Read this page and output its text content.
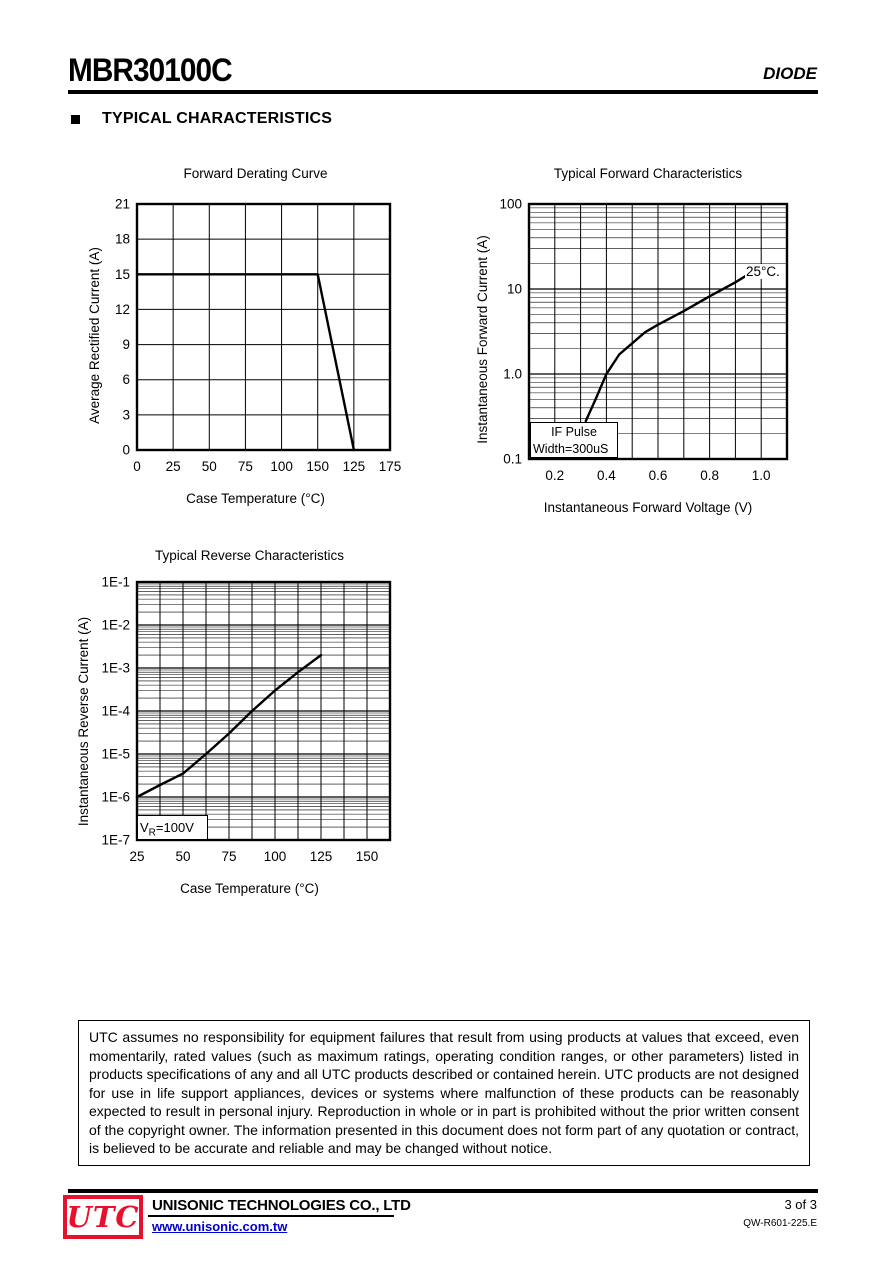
MBR30100C	DIODE
TYPICAL CHARACTERISTICS
Average Rectified Current (A)
Forward Derating Curve
0 25 50 75 100 150 125 175
21
18
15
12
9
6
3
0
Case Temperature (°C)
Instantaneous Forward Current (A)
Typical Forward Characteristics
0.2 0.4 0.6 0.8 1.0
100
10
1.0
0.1
25°C.
IF Pulse
Width=300uS
Instantaneous Forward Voltage (V)
Instantaneous Reverse Current (A)
Typical Reverse Characteristics
25 50 75 100 125 150
1E-1
1E-2
1E-3
1E-4
1E-5
1E-6
1E-7
$V_R=100V$
Case Temperature (°C)
UTC assumes no responsibility for equipment failures that result from using products at values that exceed, even momentarily, rated values (such as maximum ratings, operating condition ranges, or other parameters) listed in products specifications of any and all UTC products described or contained herein. UTC products are not designed for use in life support appliances, devices or systems where malfunction of these products can be reasonably expected to result in personal injury. Reproduction in whole or in part is prohibited without the prior written consent of the copyright owner. The information presented in this document does not form part of any quotation or contract, is believed to be accurate and reliable and may be changed without notice.
UTC UNISONIC TECHNOLOGIES CO., LTD
www.unisonic.com.tw
3 of 3
QW-R601-225.E
